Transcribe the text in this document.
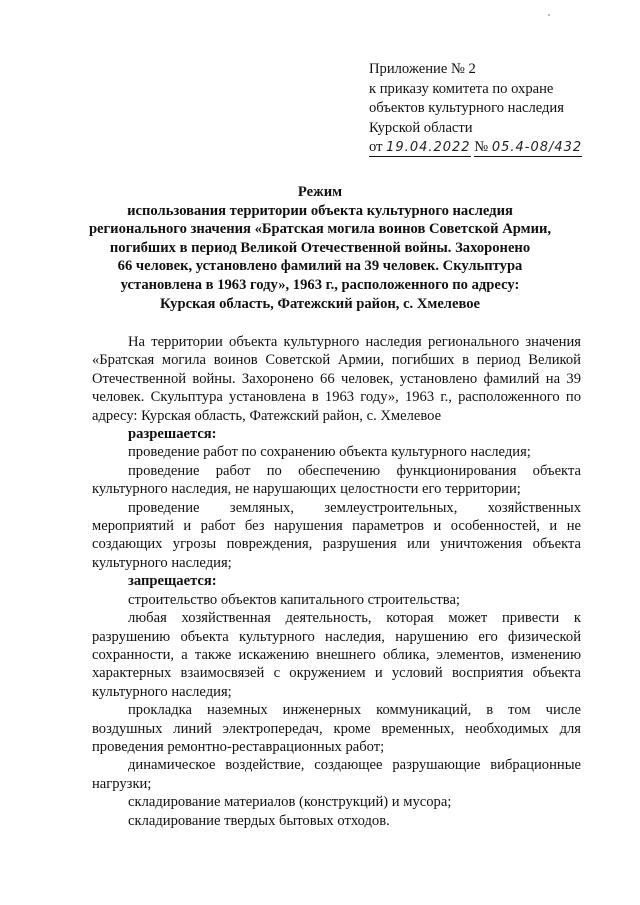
Приложение № 2
к приказу комитета по охране
объектов культурного наследия
Курской области
от 19.04.2022 № 05.4-08/432
Режим
использования территории объекта культурного наследия
регионального значения «Братская могила воинов Советской Армии,
погибших в период Великой Отечественной войны. Захоронено
66 человек, установлено фамилий на 39 человек. Скульптура
установлена в 1963 году», 1963 г., расположенного по адресу:
Курская область, Фатежский район, с. Хмелевое

На территории объекта культурного наследия регионального значения «Братская могила воинов Советской Армии, погибших в период Великой Отечественной войны. Захоронено 66 человек, установлено фамилий на 39 человек. Скульптура установлена в 1963 году», 1963 г., расположенного по адресу: Курская область, Фатежский район, с. Хмелевое

разрешается:

проведение работ по сохранению объекта культурного наследия;

проведение работ по обеспечению функционирования объекта культурного наследия, не нарушающих целостности его территории;

проведение земляных, землеустроительных, хозяйственных мероприятий и работ без нарушения параметров и особенностей, и не создающих угрозы повреждения, разрушения или уничтожения объекта культурного наследия;

запрещается:

строительство объектов капитального строительства;

любая хозяйственная деятельность, которая может привести к разрушению объекта культурного наследия, нарушению его физической сохранности, а также искажению внешнего облика, элементов, изменению характерных взаимосвязей с окружением и условий восприятия объекта культурного наследия;

прокладка наземных инженерных коммуникаций, в том числе воздушных линий электропередач, кроме временных, необходимых для проведения ремонтно-реставрационных работ;

динамическое воздействие, создающее разрушающие вибрационные нагрузки;

складирование материалов (конструкций) и мусора;

складирование твердых бытовых отходов.
